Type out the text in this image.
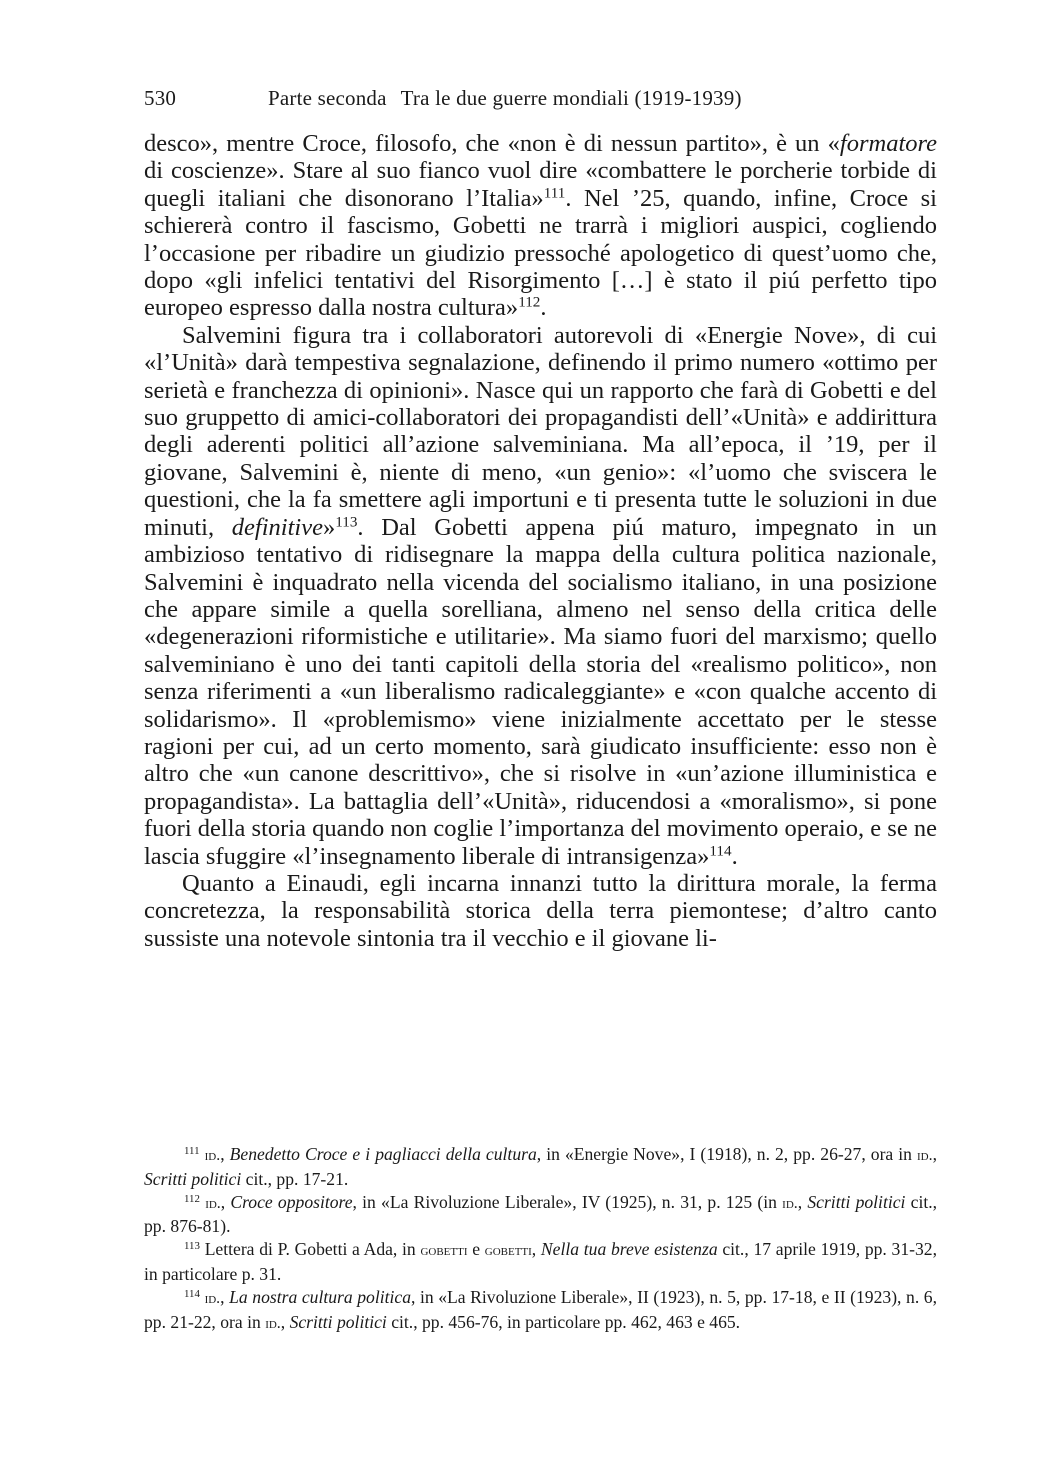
530	Parte seconda Tra le due guerre mondiali (1919-1939)

desco», mentre Croce, filosofo, che «non è di nessun partito», è un «formatore di coscienze». Stare al suo fianco vuol dire «combattere le porcherie torbide di quegli italiani che disonorano l’Italia»$^{111}$. Nel ’25, quando, infine, Croce si schiererà contro il fascismo, Gobetti ne trarrà i migliori auspici, cogliendo l’occasione per ribadire un giudizio pressoché apologetico di quest’uomo che, dopo «gli infelici tentativi del Risorgimento […] è stato il piú perfetto tipo europeo espresso dalla nostra cultura»$^{112}$.

Salvemini figura tra i collaboratori autorevoli di «Energie Nove», di cui «l’Unità» darà tempestiva segnalazione, definendo il primo numero «ottimo per serietà e franchezza di opinioni». Nasce qui un rapporto che farà di Gobetti e del suo gruppetto di amici-collaboratori dei propagandisti dell’«Unità» e addirittura degli aderenti politici all’azione salveminiana. Ma all’epoca, il ’19, per il giovane, Salvemini è, niente di meno, «un genio»: «l’uomo che sviscera le questioni, che la fa smettere agli importuni e ti presenta tutte le soluzioni in due minuti, definitive»$^{113}$. Dal Gobetti appena piú maturo, impegnato in un ambizioso tentativo di ridisegnare la mappa della cultura politica nazionale, Salvemini è inquadrato nella vicenda del socialismo italiano, in una posizione che appare simile a quella sorelliana, almeno nel senso della critica delle «degenerazioni riformistiche e utilitarie». Ma siamo fuori del marxismo; quello salveminiano è uno dei tanti capitoli della storia del «realismo politico», non senza riferimenti a «un liberalismo radicaleggiante» e «con qualche accento di solidarismo». Il «problemismo» viene inizialmente accettato per le stesse ragioni per cui, ad un certo momento, sarà giudicato insufficiente: esso non è altro che «un canone descrittivo», che si risolve in «un’azione illuministica e propagandista». La battaglia dell’«Unità», riducendosi a «moralismo», si pone fuori della storia quando non coglie l’importanza del movimento operaio, e se ne lascia sfuggire «l’insegnamento liberale di intransigenza»$^{114}$.

Quanto a Einaudi, egli incarna innanzi tutto la dirittura morale, la ferma concretezza, la responsabilità storica della terra piemontese; d’altro canto sussiste una notevole sintonia tra il vecchio e il giovane li-

$^{111}$ id., Benedetto Croce e i pagliacci della cultura, in «Energie Nove», I (1918), n. 2, pp. 26-27, ora in id., Scritti politici cit., pp. 17-21.

$^{112}$ id., Croce oppositore, in «La Rivoluzione Liberale», IV (1925), n. 31, p. 125 (in id., Scritti politici cit., pp. 876-81).

$^{113}$ Lettera di P. Gobetti a Ada, in gobetti e gobetti, Nella tua breve esistenza cit., 17 aprile 1919, pp. 31-32, in particolare p. 31.

$^{114}$ id., La nostra cultura politica, in «La Rivoluzione Liberale», II (1923), n. 5, pp. 17-18, e II (1923), n. 6, pp. 21-22, ora in id., Scritti politici cit., pp. 456-76, in particolare pp. 462, 463 e 465.
